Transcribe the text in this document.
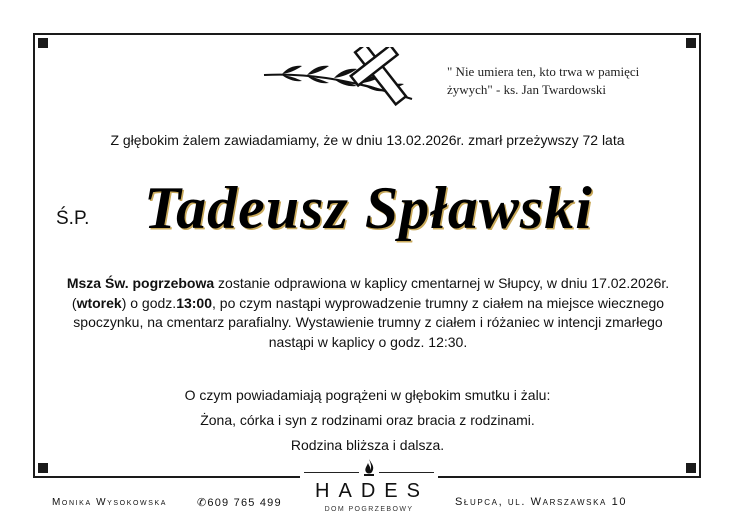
" Nie umiera ten, kto trwa w pamięci
żywych" - ks. Jan Twardowski
Z głębokim żalem zawiadamiamy, że w dniu 13.02.2026r. zmarł przeżywszy 72 lata
Ś.P. Tadeusz Spławski
Msza Św. pogrzebowa zostanie odprawiona w kaplicy cmentarnej w Słupcy, w dniu 17.02.2026r. (wtorek) o godz.13:00, po czym nastąpi wyprowadzenie trumny z ciałem na miejsce wiecznego spoczynku, na cmentarz parafialny. Wystawienie trumny z ciałem i różaniec w intencji zmarłego nastąpi w kaplicy o godz. 12:30.
O czym powiadamiają pogrążeni w głębokim smutku i żalu:
Żona, córka i syn z rodzinami oraz bracia z rodzinami.
Rodzina bliższa i dalsza.
Monika Wysokowska	✆609 765 499
HADES
DOM POGRZEBOWY
Słupca, ul. Warszawska 10
